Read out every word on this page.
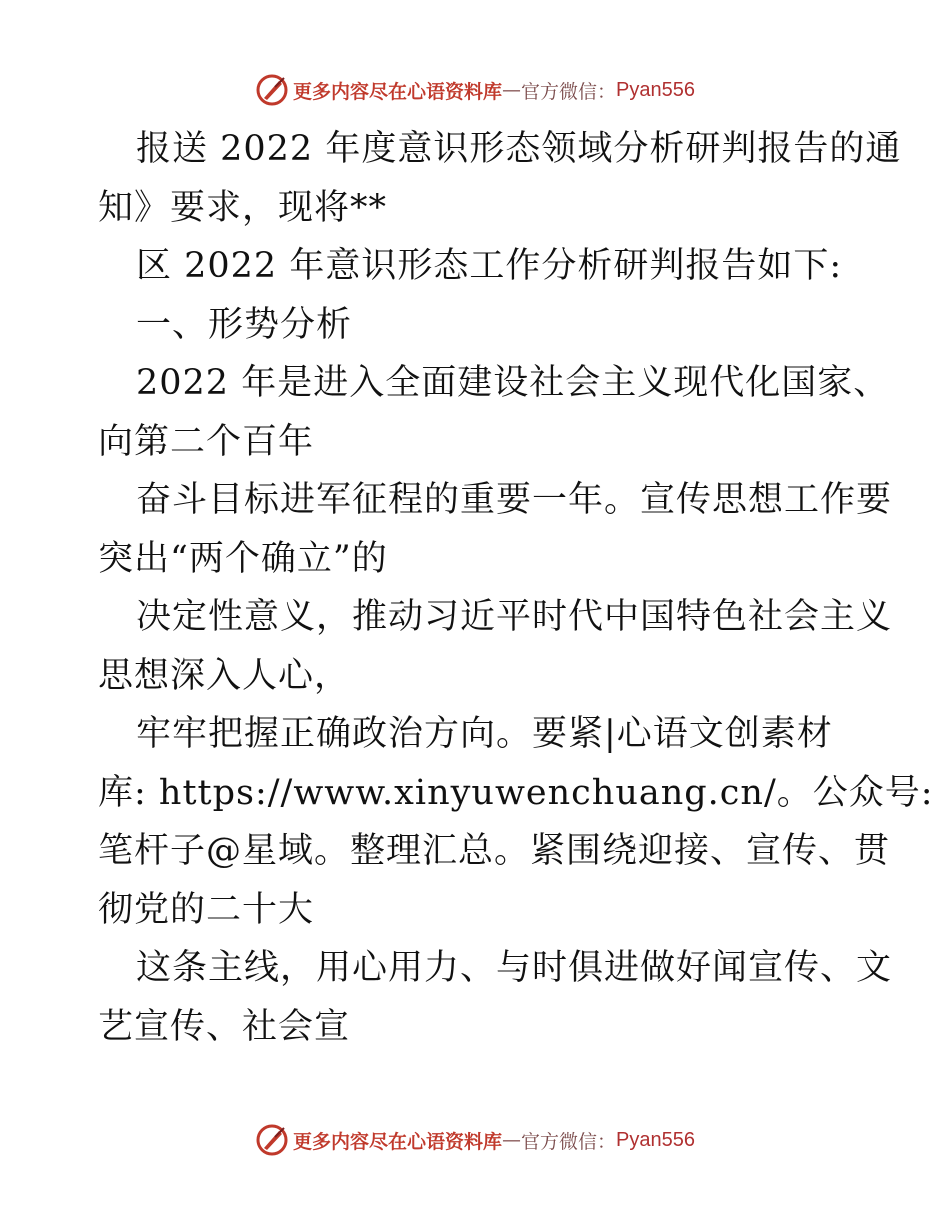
更多内容尽在心语资料库 — 官方微信： Pyan556
报送 2022 年度意识形态领域分析研判报告的通
知》要求，现将**
区 2022 年意识形态工作分析研判报告如下:
一、形势分析
2022 年是进入全面建设社会主义现代化国家、
向第二个百年
奋斗目标进军征程的重要一年。宣传思想工作要
突出“两个确立”的
决定性意义，推动习近平时代中国特色社会主义
思想深入人心，
牢牢把握正确政治方向。要紧|心语文创素材
库: https://www.xinyuwenchuang.cn/。公众号:
笔杆子@星域。整理汇总。紧围绕迎接、宣传、贯
彻党的二十大
这条主线，用心用力、与时俱进做好闻宣传、文
艺宣传、社会宣
更多内容尽在心语资料库 — 官方微信： Pyan556
